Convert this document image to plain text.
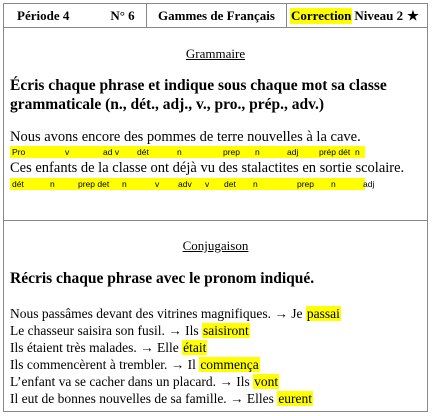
Période 4	N° 6	Gammes de Français	Correction Niveau 2 ★
Grammaire
Écris chaque phrase et indique sous chaque mot sa classe grammaticale (n., dét., adj., v., pro., prép., adv.)
Nous avons encore des pommes de terre nouvelles à la cave.
Pro	v	ad v dét	n	prep n	adj prép dét n
Ces enfants de la classe ont déjà vu des stalactites en sortie scolaire.
dét	n	prep det n	v adv v det n	prep n	adj
Conjugaison
Récris chaque phrase avec le pronom indiqué.
Nous passâmes devant des vitrines magnifiques. → Je passai
Le chasseur saisira son fusil. → Ils saisiront
Ils étaient très malades. → Elle était
Ils commencèrent à trembler. → Il commença
L’enfant va se cacher dans un placard. → Ils vont
Il eut de bonnes nouvelles de sa famille. → Elles eurent
